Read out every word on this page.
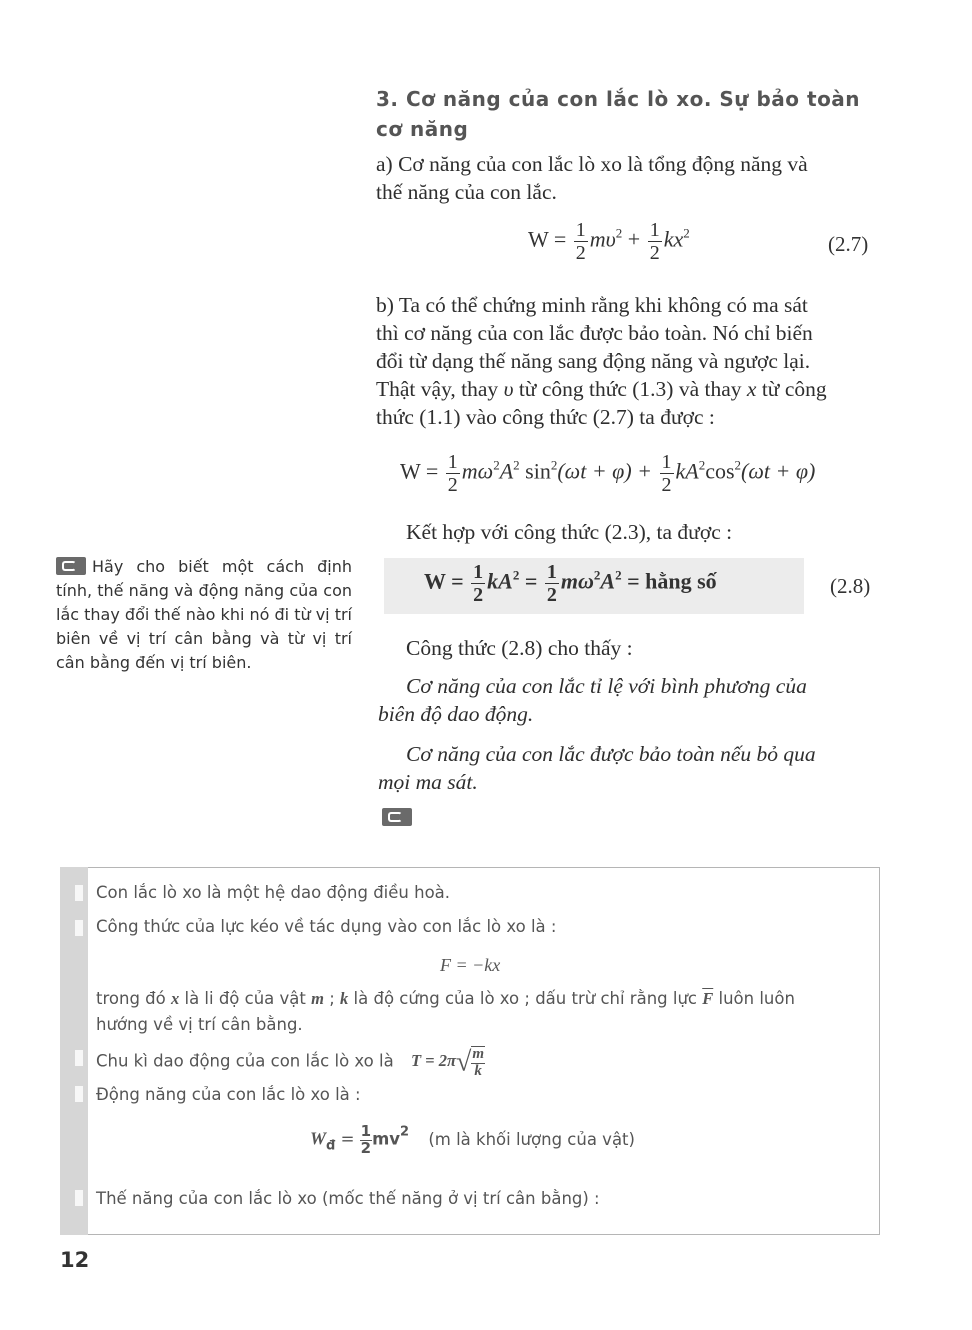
3. Cơ năng của con lắc lò xo. Sự bảo toàn
cơ năng
a) Cơ năng của con lắc lò xo là tổng động năng và
thế năng của con lắc.
$W = \frac{1}{2} m\upsilon^2 + \frac{1}{2} kx^2$	(2.7)
b) Ta có thể chứng minh rằng khi không có ma sát
thì cơ năng của con lắc được bảo toàn. Nó chỉ biến
đổi từ dạng thế năng sang động năng và ngược lại.
Thật vậy, thay υ từ công thức (1.3) và thay x từ công
thức (1.1) vào công thức (2.7) ta được :
$W = \frac{1}{2} m\omega^2A^2$ $\sin^2(\omega t + \varphi) + \frac{1}{2} kA^2\cos^2(\omega t + \varphi)$
Kết hợp với công thức (2.3), ta được :
$W = \frac{1}{2} kA^2 = \frac{1}{2} m\omega^2A^2$ = hằng số	(2.8)
Công thức (2.8) cho thấy :
Cơ năng của con lắc tỉ lệ với bình phương của
biên độ dao động.
Cơ năng của con lắc được bảo toàn nếu bỏ qua
mọi ma sát.
Hãy cho biết một cách định tính, thế năng và động năng của con lắc thay đổi thế nào khi nó đi từ vị trí biên về vị trí cân bằng và từ vị trí cân bằng đến vị trí biên.
Con lắc lò xo là một hệ dao động điều hoà.
Công thức của lực kéo về tác dụng vào con lắc lò xo là :
F = −kx
trong đó x là li độ của vật m ; k là độ cứng của lò xo ; dấu trừ chỉ rằng lực $\overline{F}$ luôn luôn
hướng về vị trí cân bằng.
Chu kì dao động của con lắc lò xo là $T = 2\pi√ \frac{m}{k}$
Động năng của con lắc lò xo là :
$W_đ = \frac{1}{2} mv^2$ (m là khối lượng của vật)
Thế năng của con lắc lò xo (mốc thế năng ở vị trí cân bằng) :
12
